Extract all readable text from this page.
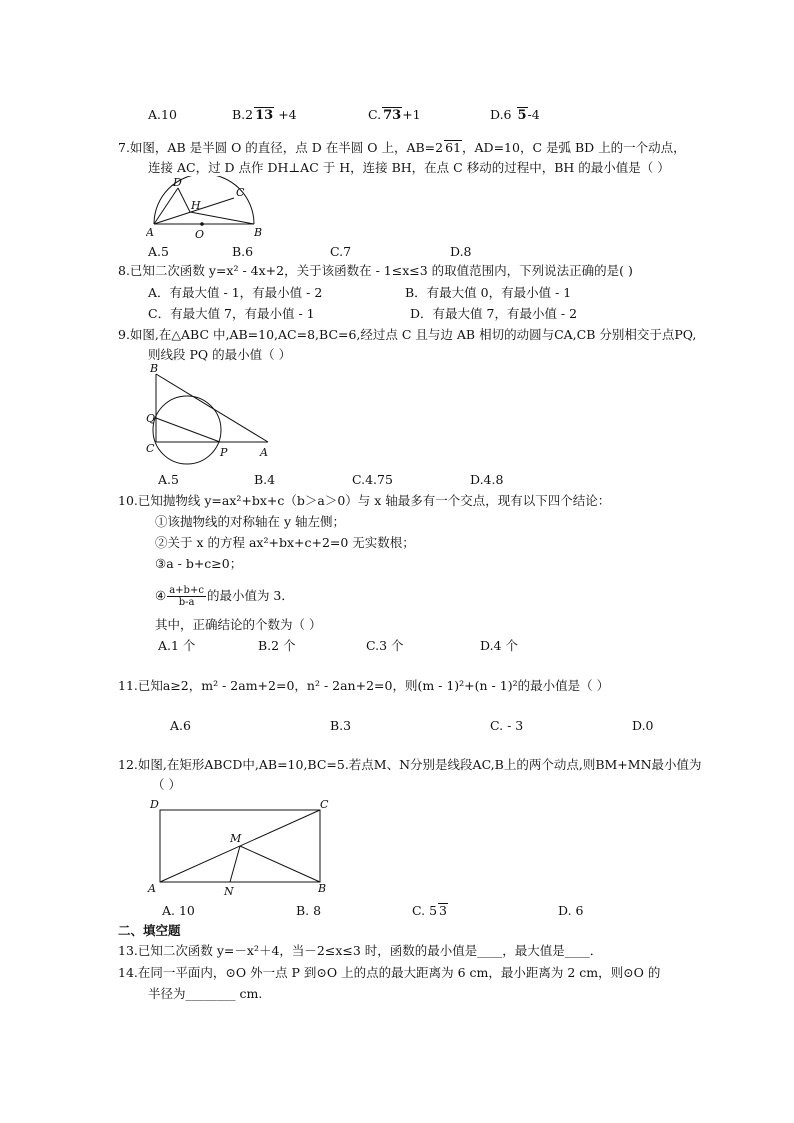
A.10	B.2 13 +4	C. 73+1	D.6 5-4
7.如图，AB 是半圆 O 的直径，点 D 在半圆 O 上，AB=2 61，AD=10，C 是弧 BD 上的一个动点，
连接 AC，过 D 点作 DH⊥AC 于 H，连接 BH，在点 C 移动的过程中，BH 的最小值是（ ）
D
C
H
A	O	B
A.5	B.6	C.7	D.8
8.已知二次函数 y=x² - 4x+2，关于该函数在 - 1≤x≤3 的取值范围内，下列说法正确的是( )
A．有最大值 - 1，有最小值 - 2	B．有最大值 0，有最小值 - 1
C．有最大值 7，有最小值 - 1	D．有最大值 7，有最小值 - 2
9.如图,在△ABC 中,AB=10,AC=8,BC=6,经过点 C 且与边 AB 相切的动圆与CA,CB 分别相交于点PQ,
则线段 PQ 的最小值（ ）
B
Q
C	P	A
A.5	B.4	C.4.75	D.4.8
10.已知抛物线 y=ax²+bx+c（b＞a＞0）与 x 轴最多有一个交点，现有以下四个结论：
①该抛物线的对称轴在 y 轴左侧；
②关于 x 的方程 ax²+bx+c+2=0 无实数根；
③a - b+c≥0；
④ $\frac{a+b+c}{b-a}$ 的最小值为 3．
其中，正确结论的个数为（ ）
A.1 个	B.2 个	C.3 个	D.4 个
11.已知a≥2，m² - 2am+2=0，n² - 2an+2=0，则(m - 1)²+(n - 1)²的最小值是（ ）
A.6	B.3	C. - 3	D.0
12.如图,在矩形ABCD中,AB=10,BC=5.若点M、N分别是线段AC,B上的两个动点,则BM+MN最小值为
（ ）
D	C
M
A	N	B
A. 10	B. 8	C. 5 3	D. 6
二、填空题
13.已知二次函数 y=－x²＋4，当－2≤x≤3 时，函数的最小值是____，最大值是____．
14.在同一平面内，⊙O 外一点 P 到⊙O 上的点的最大距离为 6 cm，最小距离为 2 cm，则⊙O 的
半径为________ cm.
